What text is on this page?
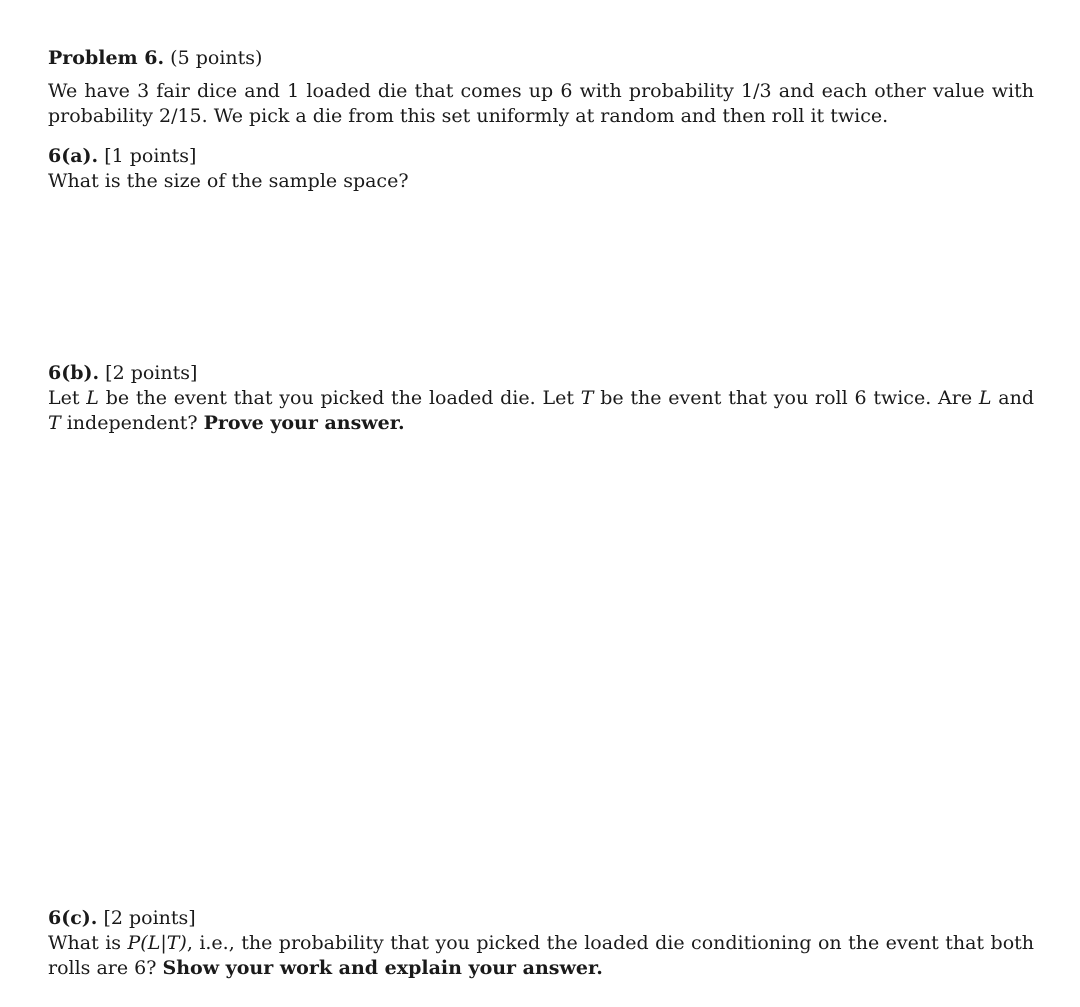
Problem 6. (5 points)
We have 3 fair dice and 1 loaded die that comes up 6 with probability 1/3 and each other value with probability 2/15. We pick a die from this set uniformly at random and then roll it twice.
6(a). [1 points]
What is the size of the sample space?
6(b). [2 points]
Let L be the event that you picked the loaded die. Let T be the event that you roll 6 twice. Are L and T independent? Prove your answer.
6(c). [2 points]
What is P(L|T), i.e., the probability that you picked the loaded die conditioning on the event that both rolls are 6? Show your work and explain your answer.
